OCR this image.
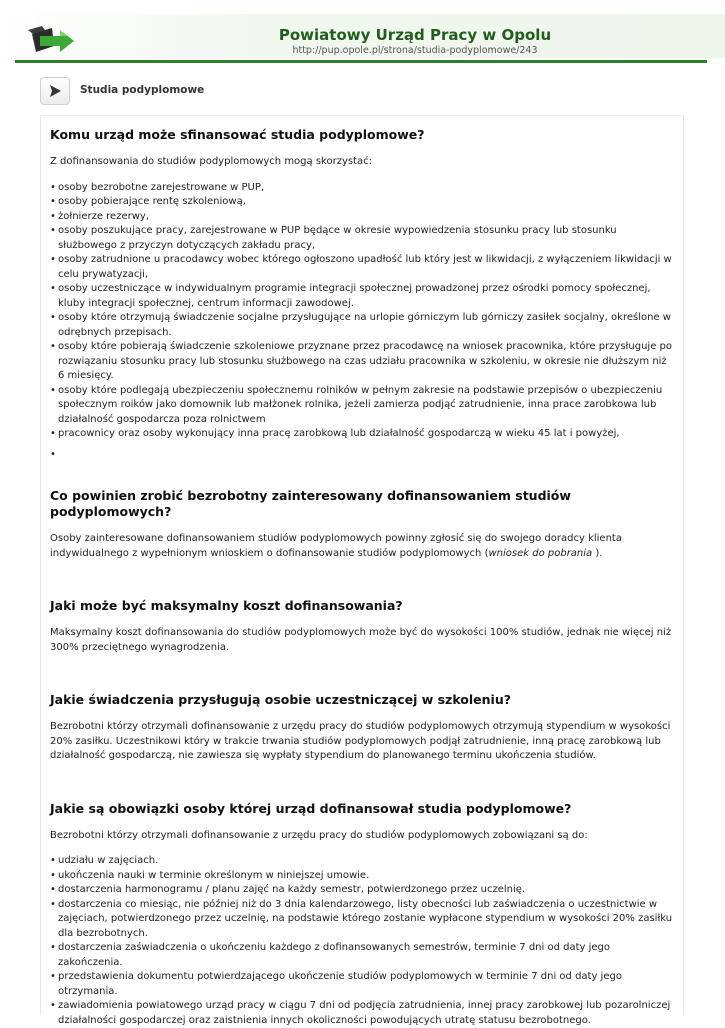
Powiatowy Urząd Pracy w Opolu
http://pup.opole.pl/strona/studia-podyplomowe/243
Studia podyplomowe
Komu urząd może sfinansować studia podyplomowe?

Z dofinansowania do studiów podyplomowych mogą skorzystać:

• osoby bezrobotne zarejestrowane w PUP,
• osoby pobierające rentę szkoleniową,
• żołnierze rezerwy,
• osoby poszukujące pracy, zarejestrowane w PUP będące w okresie wypowiedzenia stosunku pracy lub stosunku służbowego z przyczyn dotyczących zakładu pracy,
• osoby zatrudnione u pracodawcy wobec którego ogłoszono upadłość lub który jest w likwidacji, z wyłączeniem likwidacji w celu prywatyzacji,
• osoby uczestniczące w indywidualnym programie integracji społecznej prowadzonej przez ośrodki pomocy społecznej, kluby integracji społecznej, centrum informacji zawodowej.
• osoby które otrzymują świadczenie socjalne przysługujące na urlopie górniczym lub górniczy zasiłek socjalny, określone w odrębnych przepisach.
• osoby które pobierają świadczenie szkoleniowe przyznane przez pracodawcę na wniosek pracownika, które przysługuje po rozwiązaniu stosunku pracy lub stosunku służbowego na czas udziału pracownika w szkoleniu, w okresie nie dłuższym niż 6 miesięcy.
• osoby które podlegają ubezpieczeniu społecznemu rolników w pełnym zakresie na podstawie przepisów o ubezpieczeniu społecznym roików jako domownik lub małżonek rolnika, jeżeli zamierza podjąć zatrudnienie, inna prace zarobkowa lub działalność gospodarcza poza rolnictwem
• pracownicy oraz osoby wykonujący inna pracę zarobkową lub działalność gospodarczą w wieku 45 lat i powyżej,
•
Co powinien zrobić bezrobotny zainteresowany dofinansowaniem studiów podyplomowych?

Osoby zainteresowane dofinansowaniem studiów podyplomowych powinny zgłosić się do swojego doradcy klienta indywidualnego z wypełnionym wnioskiem o dofinansowanie studiów podyplomowych (wniosek do pobrania ).

Jaki może być maksymalny koszt dofinansowania?

Maksymalny koszt dofinansowania do studiów podyplomowych może być do wysokości 100% studiów, jednak nie więcej niż 300% przeciętnego wynagrodzenia.

Jakie świadczenia przysługują osobie uczestniczącej w szkoleniu?

Bezrobotni którzy otrzymali dofinansowanie z urzędu pracy do studiów podyplomowych otrzymują stypendium w wysokości 20% zasiłku. Uczestnikowi który w trakcie trwania studiów podyplomowych podjął zatrudnienie, inną pracę zarobkową lub działalność gospodarczą, nie zawiesza się wypłaty stypendium do planowanego terminu ukończenia studiów.

Jakie są obowiązki osoby której urząd dofinansował studia podyplomowe?

Bezrobotni którzy otrzymali dofinansowanie z urzędu pracy do studiów podyplomowych zobowiązani są do:

• udziału w zajęciach.
• ukończenia nauki w terminie określonym w niniejszej umowie.
• dostarczenia harmonogramu / planu zajęć na każdy semestr, potwierdzonego przez uczelnię.
• dostarczenia co miesiąc, nie później niż do 3 dnia kalendarzowego, listy obecności lub zaświadczenia o uczestnictwie w zajęciach, potwierdzonego przez uczelnię, na podstawie którego zostanie wypłacone stypendium w wysokości 20% zasiłku dla bezrobotnych.
• dostarczenia zaświadczenia o ukończeniu każdego z dofinansowanych semestrów, terminie 7 dni od daty jego zakończenia.
• przedstawienia dokumentu potwierdzającego ukończenie studiów podyplomowych w terminie 7 dni od daty jego otrzymania.
• zawiadomienia powiatowego urząd pracy w ciągu 7 dni od podjęcia zatrudnienia, innej pracy zarobkowej lub pozarolniczej działalności gospodarczej oraz zaistnienia innych okoliczności powodujących utratę statusu bezrobotnego.
